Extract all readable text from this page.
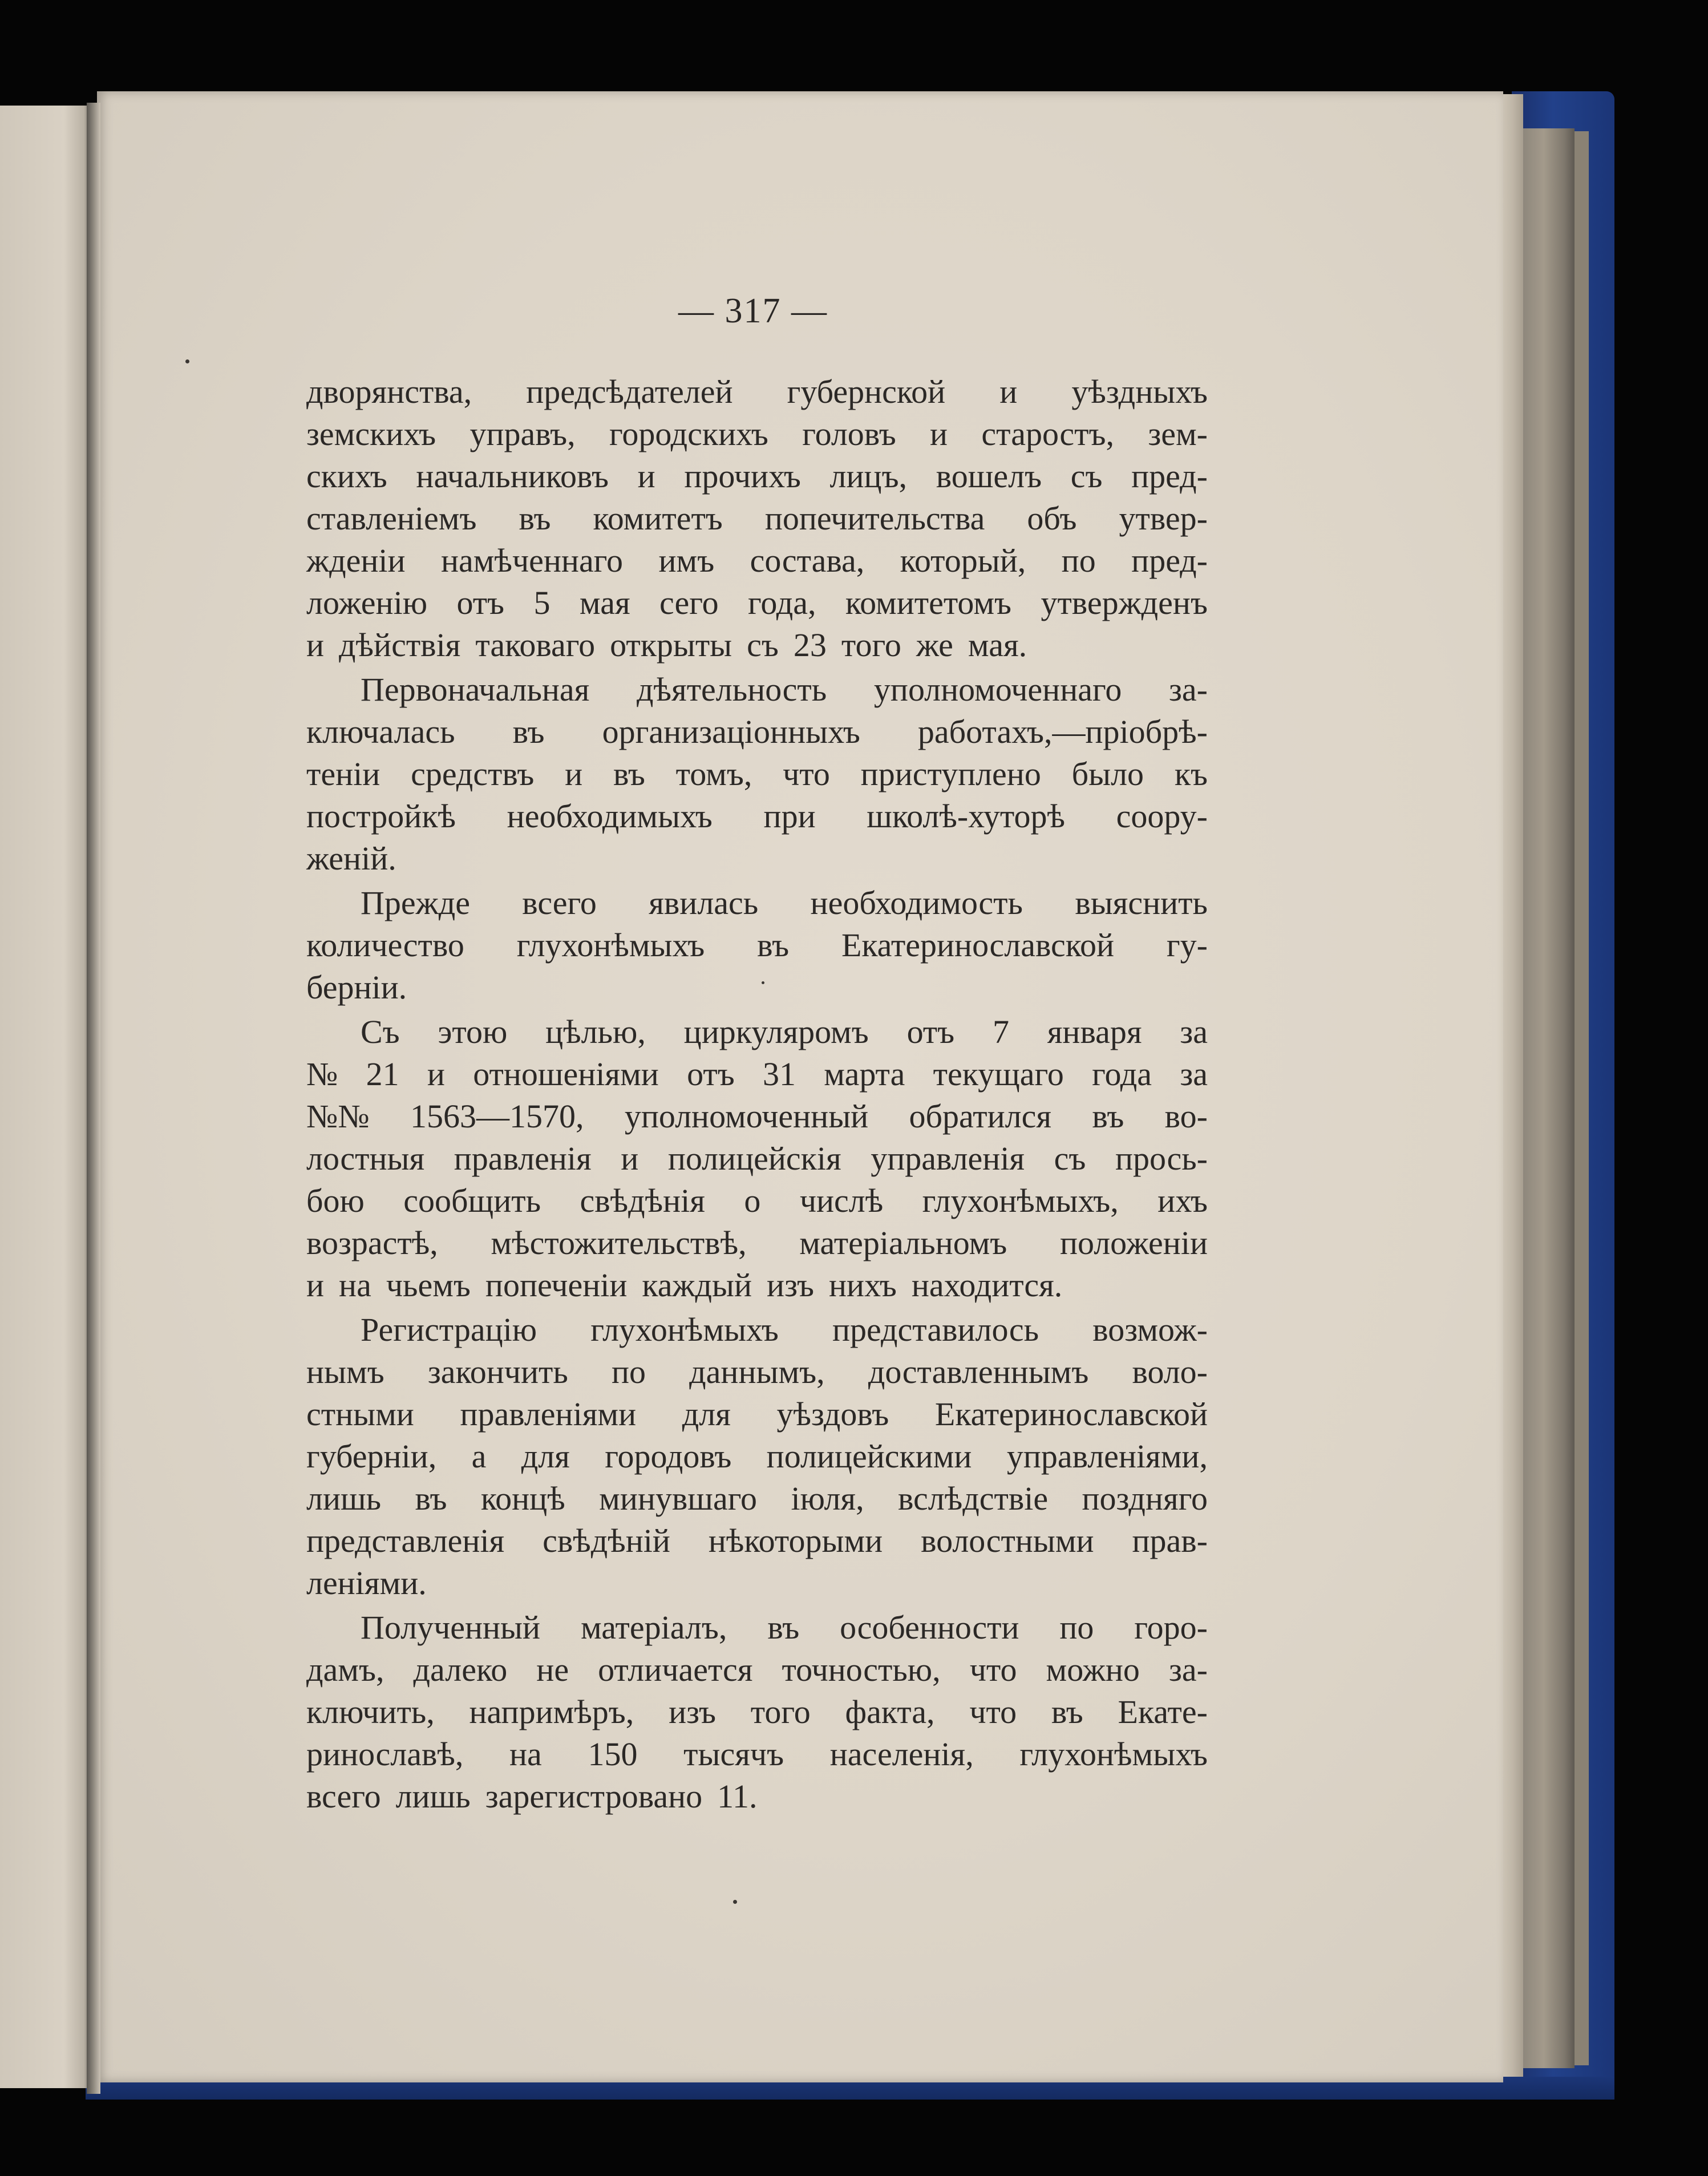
— 317 —
дворянства, предсѣдателей губернской и уѣздныхъ
земскихъ управъ, городскихъ головъ и старостъ, зем-
скихъ начальниковъ и прочихъ лицъ, вошелъ съ пред-
ставленіемъ въ комитетъ попечительства объ утвер-
жденіи намѣченнаго имъ состава, который, по пред-
ложенію отъ 5 мая сего года, комитетомъ утвержденъ
и дѣйствія таковаго открыты съ 23 того же мая.
Первоначальная дѣятельность уполномоченнаго за-
ключалась въ организаціонныхъ работахъ,—пріобрѣ-
теніи средствъ и въ томъ, что приступлено было къ
постройкѣ необходимыхъ при школѣ-хуторѣ соору-
женій.
Прежде всего явилась необходимость выяснить
количество глухонѣмыхъ въ Екатеринославской гу-
берніи.
Съ этою цѣлью, циркуляромъ отъ 7 января за
№ 21 и отношеніями отъ 31 марта текущаго года за
№№ 1563—1570, уполномоченный обратился въ во-
лостныя правленія и полицейскія управленія съ прось-
бою сообщить свѣдѣнія о числѣ глухонѣмыхъ, ихъ
возрастѣ, мѣстожительствѣ, матеріальномъ положеніи
и на чьемъ попеченіи каждый изъ нихъ находится.
Регистрацію глухонѣмыхъ представилось возмож-
нымъ закончить по даннымъ, доставленнымъ воло-
стными правленіями для уѣздовъ Екатеринославской
губерніи, а для городовъ полицейскими управленіями,
лишь въ концѣ минувшаго іюля, вслѣдствіе поздняго
представленія свѣдѣній нѣкоторыми волостными прав-
леніями.
Полученный матеріалъ, въ особенности по горо-
дамъ, далеко не отличается точностью, что можно за-
ключить, напримѣръ, изъ того факта, что въ Екате-
ринославѣ, на 150 тысячъ населенія, глухонѣмыхъ
всего лишь зарегистровано 11.
